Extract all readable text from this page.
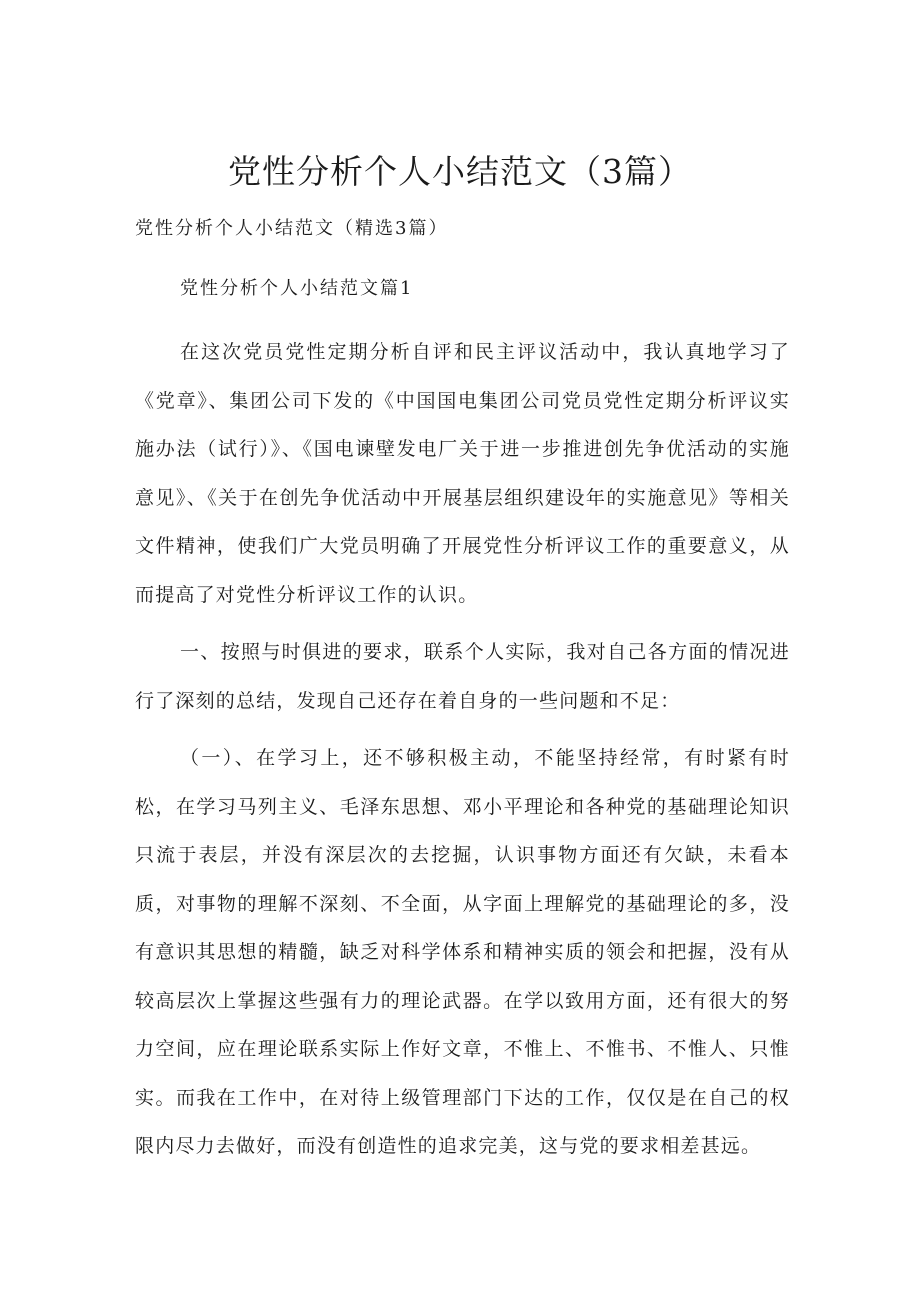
党性分析个人小结范文（3篇）

党性分析个人小结范文（精选3篇）

党性分析个人小结范文篇1

在这次党员党性定期分析自评和民主评议活动中，我认真地学习了《党章》、集团公司下发的《中国国电集团公司党员党性定期分析评议实施办法（试行）》、《国电谏壁发电厂关于进一步推进创先争优活动的实施意见》、《关于在创先争优活动中开展基层组织建设年的实施意见》等相关文件精神，使我们广大党员明确了开展党性分析评议工作的重要意义，从而提高了对党性分析评议工作的认识。

一、按照与时俱进的要求，联系个人实际，我对自己各方面的情况进行了深刻的总结，发现自己还存在着自身的一些问题和不足：

（一）、在学习上，还不够积极主动，不能坚持经常，有时紧有时松，在学习马列主义、毛泽东思想、邓小平理论和各种党的基础理论知识只流于表层，并没有深层次的去挖掘，认识事物方面还有欠缺，未看本质，对事物的理解不深刻、不全面，从字面上理解党的基础理论的多，没有意识其思想的精髓，缺乏对科学体系和精神实质的领会和把握，没有从较高层次上掌握这些强有力的理论武器。在学以致用方面，还有很大的努力空间，应在理论联系实际上作好文章，不惟上、不惟书、不惟人、只惟实。而我在工作中，在对待上级管理部门下达的工作，仅仅是在自己的权限内尽力去做好，而没有创造性的追求完美，这与党的要求相差甚远。
